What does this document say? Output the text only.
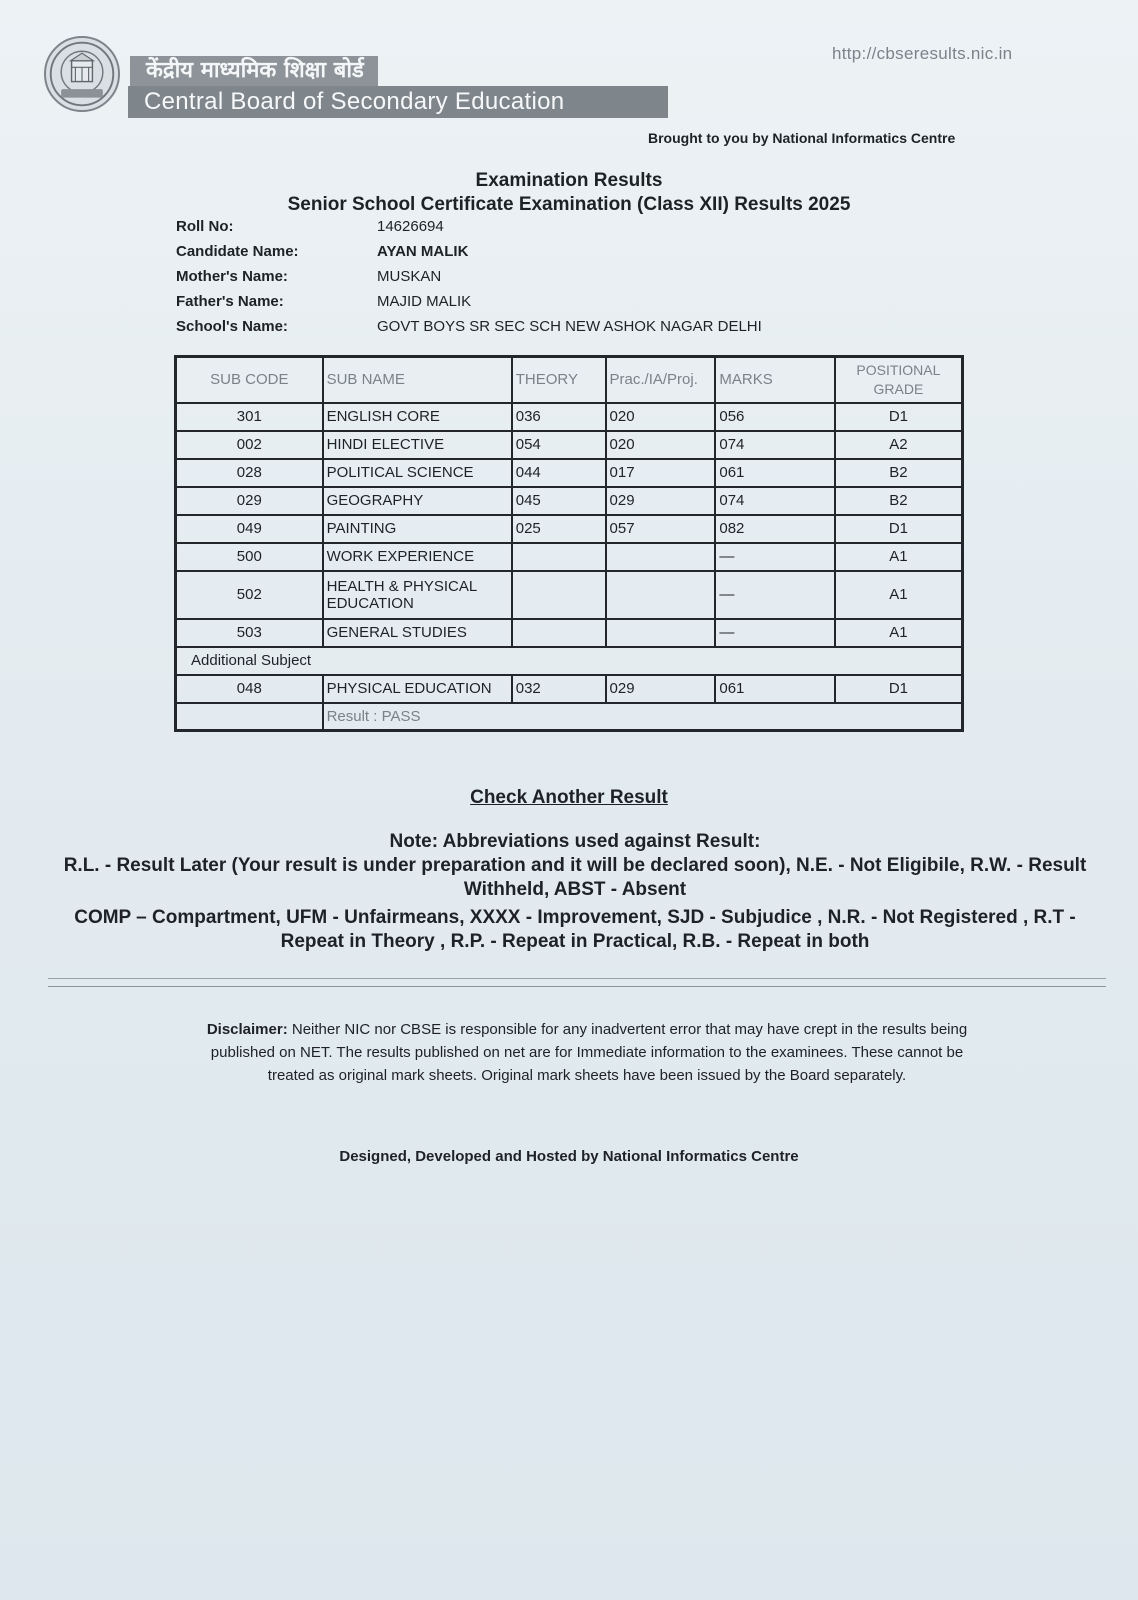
केंद्रीय माध्यमिक शिक्षा बोर्ड
Central Board of Secondary Education
http://cbseresults.nic.in
Brought to you by National Informatics Centre
Examination Results
Senior School Certificate Examination (Class XII) Results 2025
Roll No:	14626694
Candidate Name:	AYAN MALIK
Mother's Name:	MUSKAN
Father's Name:	MAJID MALIK
School's Name:	GOVT BOYS SR SEC SCH NEW ASHOK NAGAR DELHI
SUB CODE	SUB NAME	THEORY	Prac./IA/Proj.	MARKS	POSITIONAL
GRADE
301	ENGLISH CORE	036	020	056	D1
002	HINDI ELECTIVE	054	020	074	A2
028	POLITICAL SCIENCE	044	017	061	B2
029	GEOGRAPHY	045	029	074	B2
049	PAINTING	025	057	082	D1
500	WORK EXPERIENCE			—	A1
502	HEALTH & PHYSICAL EDUCATION			—	A1
503	GENERAL STUDIES			—	A1
Additional Subject					
048	PHYSICAL EDUCATION	032	029	061	D1
	Result : PASS				
Check Another Result
Note: Abbreviations used against Result:
R.L. - Result Later (Your result is under preparation and it will be declared soon), N.E. - Not Eligibile, R.W. - Result Withheld, ABST - Absent
COMP – Compartment, UFM - Unfairmeans, XXXX - Improvement, SJD - Subjudice , N.R. - Not Registered , R.T - Repeat in Theory , R.P. - Repeat in Practical, R.B. - Repeat in both
Disclaimer: Neither NIC nor CBSE is responsible for any inadvertent error that may have crept in the results being published on NET. The results published on net are for Immediate information to the examinees. These cannot be treated as original mark sheets. Original mark sheets have been issued by the Board separately.
Designed, Developed and Hosted by National Informatics Centre
